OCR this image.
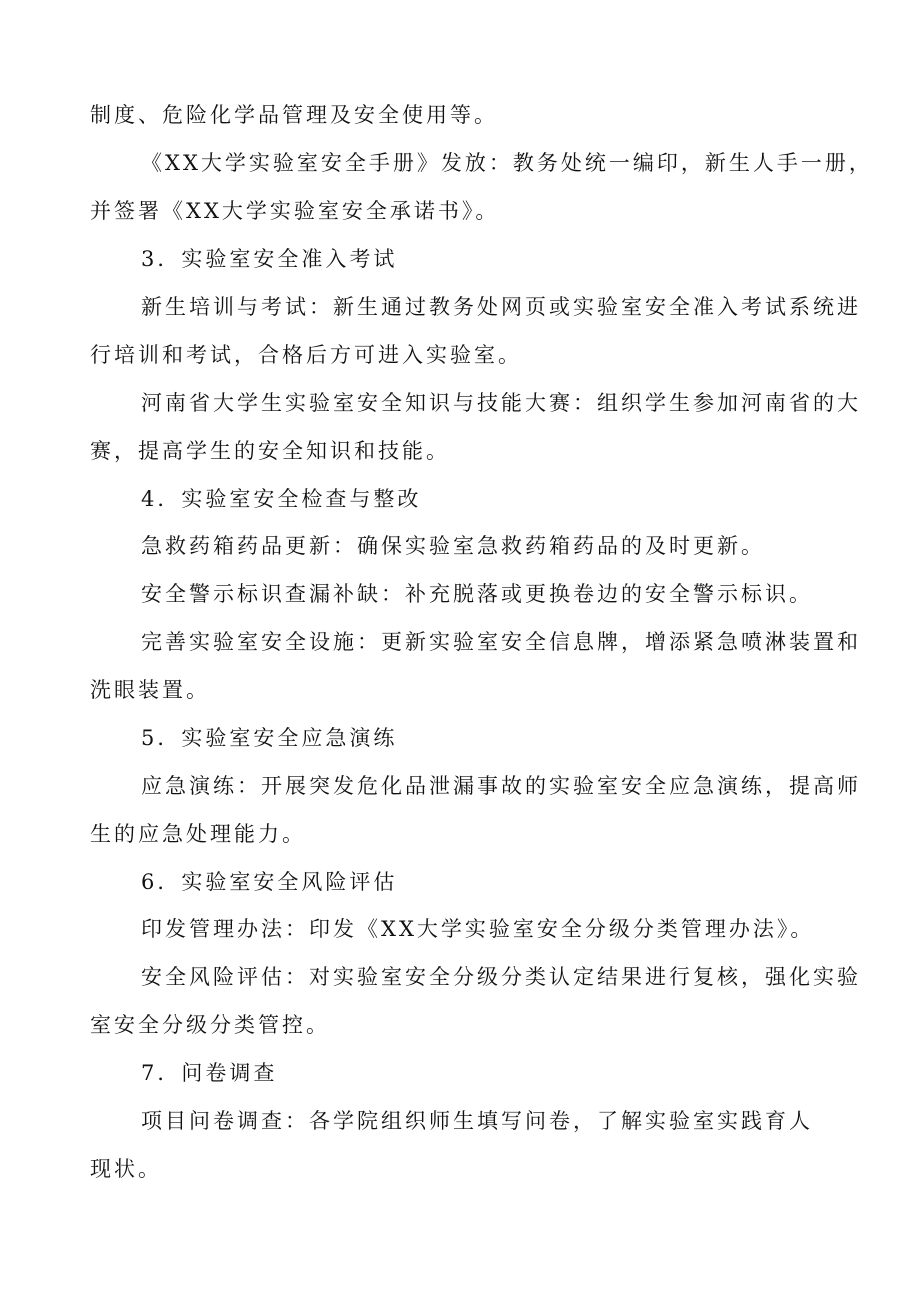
制度、危险化学品管理及安全使用等。
《XX大学实验室安全手册》发放：教务处统一编印，新生人手一册，
并签署《XX大学实验室安全承诺书》。
3．实验室安全准入考试
新生培训与考试：新生通过教务处网页或实验室安全准入考试系统进
行培训和考试，合格后方可进入实验室。
河南省大学生实验室安全知识与技能大赛：组织学生参加河南省的大
赛，提高学生的安全知识和技能。
4．实验室安全检查与整改
急救药箱药品更新：确保实验室急救药箱药品的及时更新。
安全警示标识查漏补缺：补充脱落或更换卷边的安全警示标识。
完善实验室安全设施：更新实验室安全信息牌，增添紧急喷淋装置和
洗眼装置。
5．实验室安全应急演练
应急演练：开展突发危化品泄漏事故的实验室安全应急演练，提高师
生的应急处理能力。
6．实验室安全风险评估
印发管理办法：印发《XX大学实验室安全分级分类管理办法》。
安全风险评估：对实验室安全分级分类认定结果进行复核，强化实验
室安全分级分类管控。
7．问卷调查
项目问卷调查：各学院组织师生填写问卷，了解实验室实践育人
现状。
